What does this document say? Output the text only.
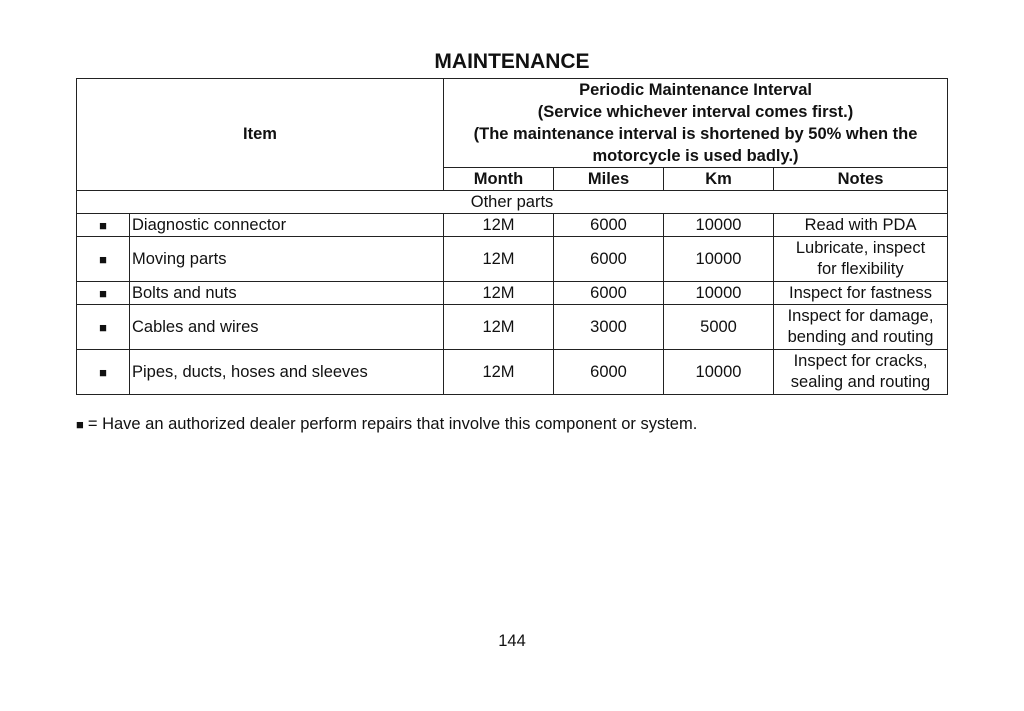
MAINTENANCE
Item		Periodic Maintenance Interval
(Service whichever interval comes first.)
(The maintenance interval is shortened by 50% when the
motorcycle is used badly.)			

		Month	Miles	Km	Notes
Other parts					
■	Diagnostic connector	12M	6000	10000	Read with PDA

■	Moving parts	12M	6000	10000	Lubricate, inspect
for flexibility

■	Bolts and nuts	12M	6000	10000	Inspect for fastness

■	Cables and wires	12M	3000	5000	Inspect for damage,
bending and routing

■	Pipes, ducts, hoses and sleeves	12M	6000	10000	Inspect for cracks,
sealing and routing
■ = Have an authorized dealer perform repairs that involve this component or system.
144
